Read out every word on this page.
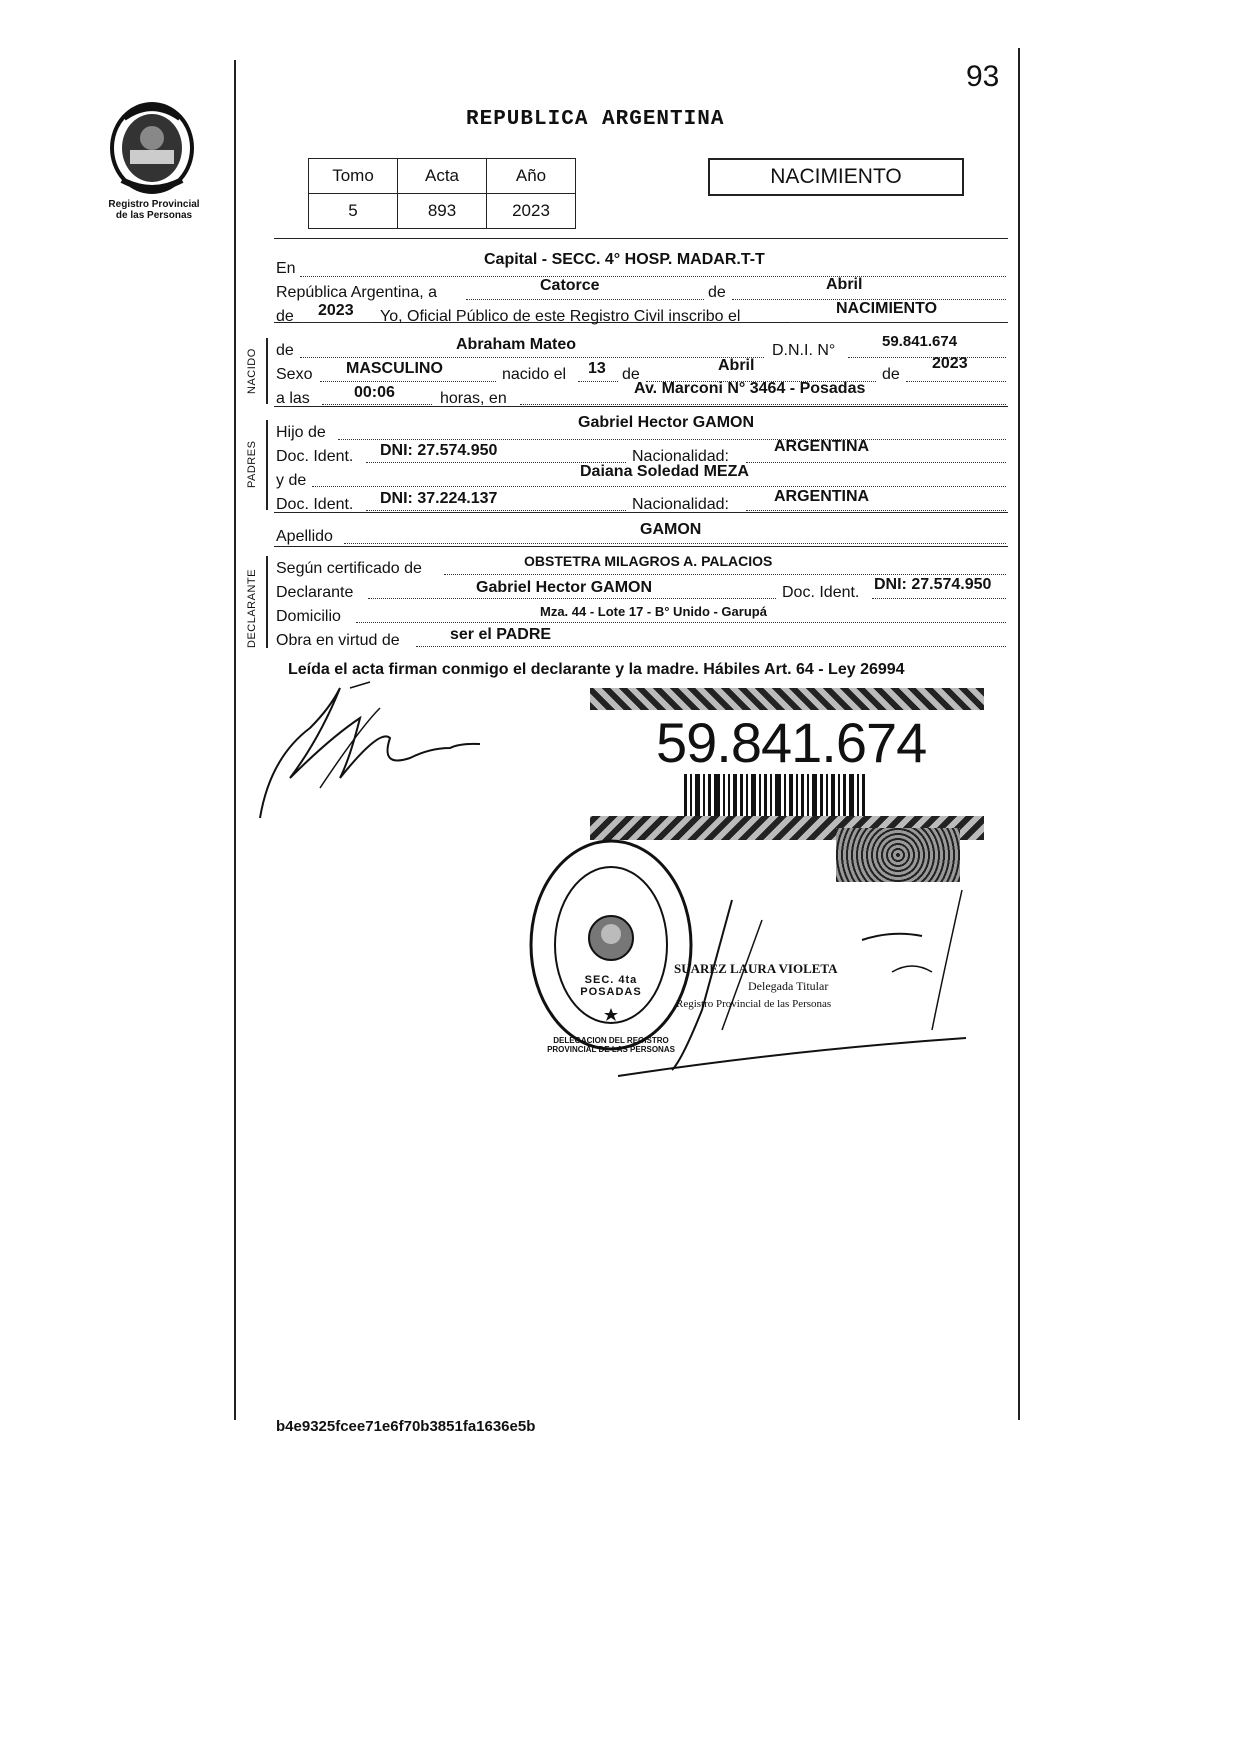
93
Registro Provincial
de las Personas
REPUBLICA ARGENTINA
Tomo	Acta	Año
5	893	2023
NACIMIENTO
NACIDO
PADRES
DECLARANTE
En
Capital - SECC. 4° HOSP. MADAR.T-T
República Argentina, a	Catorce	de	Abril
de 2023 Yo, Oficial Público de este Registro Civil inscribo el	NACIMIENTO
de	Abraham Mateo	D.N.I. N°
59.841.674
Sexo MASCULINO	nacido el 13 de
Abril
de
2023
a las	00:06	horas, en
Av. Marconi N° 3464 - Posadas
Hijo de
Gabriel Hector GAMON
Doc. Ident. DNI: 27.574.950	Nacionalidad:
ARGENTINA
y de
Daiana Soledad MEZA
Doc. Ident. DNI: 37.224.137	Nacionalidad:	ARGENTINA
Apellido	GAMON
Según certificado de	OBSTETRA MILAGROS A. PALACIOS
Declarante	Gabriel Hector GAMON	Doc. Ident. DNI: 27.574.950
Domicilio	Mza. 44 - Lote 17 - B° Unido - Garupá
Obra en virtud de	ser el PADRE
Leída el acta firman conmigo el declarante y la madre. Hábiles Art. 64 - Ley 26994
59.841.674
DELEGACION DEL REGISTRO PROVINCIAL DE LAS PERSONAS
SEC. 4ta POSADAS
SUAREZ LAURA VIOLETA
Delegada Titular
Registro Provincial de las Personas
b4e9325fcee71e6f70b3851fa1636e5b
